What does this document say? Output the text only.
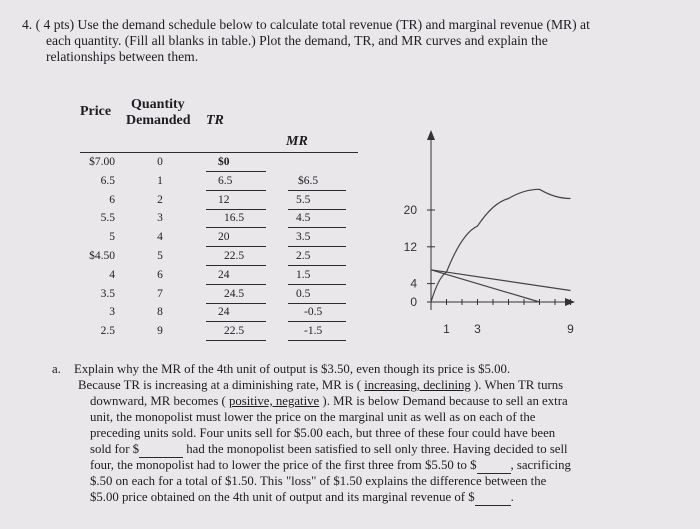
4. ( 4 pts) Use the demand schedule below to calculate total revenue (TR) and marginal revenue (MR) at
each quantity. (Fill all blanks in table.) Plot the demand, TR, and MR curves and explain the
relationships between them.
Price Quantity
Demanded TR
MR
$7.00	0	$0
6.5	1	6.5	$6.5
6	2	12	5.5
5.5	3	16.5	4.5
5	4	20	3.5
$4.50	5	22.5	2.5
4	6	24	1.5
3.5	7	24.5	0.5
3	8	24	-0.5
2.5	9	22.5	-1.5
20
12
4
0
1 3	9
a. Explain why the MR of the 4th unit of output is $3.50, even though its price is $5.00.
Because TR is increasing at a diminishing rate, MR is ( increasing, declining ). When TR turns
downward, MR becomes ( positive, negative ). MR is below Demand because to sell an extra
unit, the monopolist must lower the price on the marginal unit as well as on each of the
preceding units sold. Four units sell for $5.00 each, but three of these four could have been
sold for $	had the monopolist been satisfied to sell only three. Having decided to sell
four, the monopolist had to lower the price of the first three from $5.50 to $	, sacrificing
$.50 on each for a total of $1.50. This "loss" of $1.50 explains the difference between the
$5.00 price obtained on the 4th unit of output and its marginal revenue of $	.
